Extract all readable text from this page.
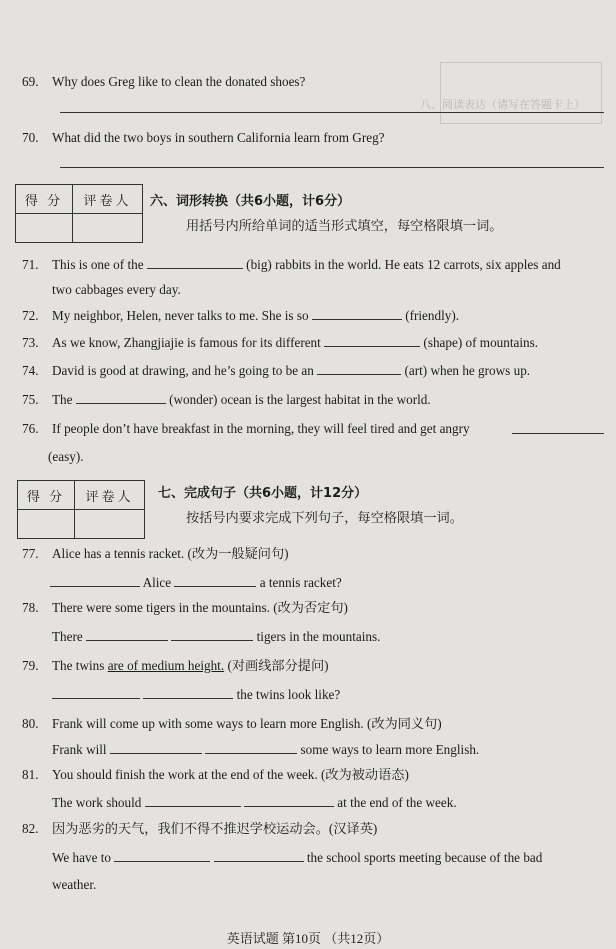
八、阅读表达（请写在答题卡上）
69. Why does Greg like to clean the donated shoes?
70. What did the two boys in southern California learn from Greg?
得 分	评卷人
	六、词形转换（共6小题，计6分）
用括号内所给单词的适当形式填空，每空格限填一词。
71. This is one of the	(big) rabbits in the world. He eats 12 carrots, six apples and
two cabbages every day.
72. My neighbor, Helen, never talks to me. She is so	(friendly).
73. As we know, Zhangjiajie is famous for its different	(shape) of mountains.
74. David is good at drawing, and he’s going to be an	(art) when he grows up.
75. The	(wonder) ocean is the largest habitat in the world.
76. If people don’t have breakfast in the morning, they will feel tired and get angry
(easy).
得 分	评卷人
	七、完成句子（共6小题，计12分）
按括号内要求完成下列句子，每空格限填一词。
77. Alice has a tennis racket. (改为一般疑问句)
Alice	a tennis racket?
78. There were some tigers in the mountains. (改为否定句)
There	tigers in the mountains.
79. The twins are of medium height. (对画线部分提问)
the twins look like?
80. Frank will come up with some ways to learn more English. (改为同义句)
Frank will	some ways to learn more English.
81. You should finish the work at the end of the week. (改为被动语态)
The work should	at the end of the week.
82. 因为恶劣的天气，我们不得不推迟学校运动会。(汉译英)
We have to	the school sports meeting because of the bad
weather.
英语试题 第10页 （共12页）
